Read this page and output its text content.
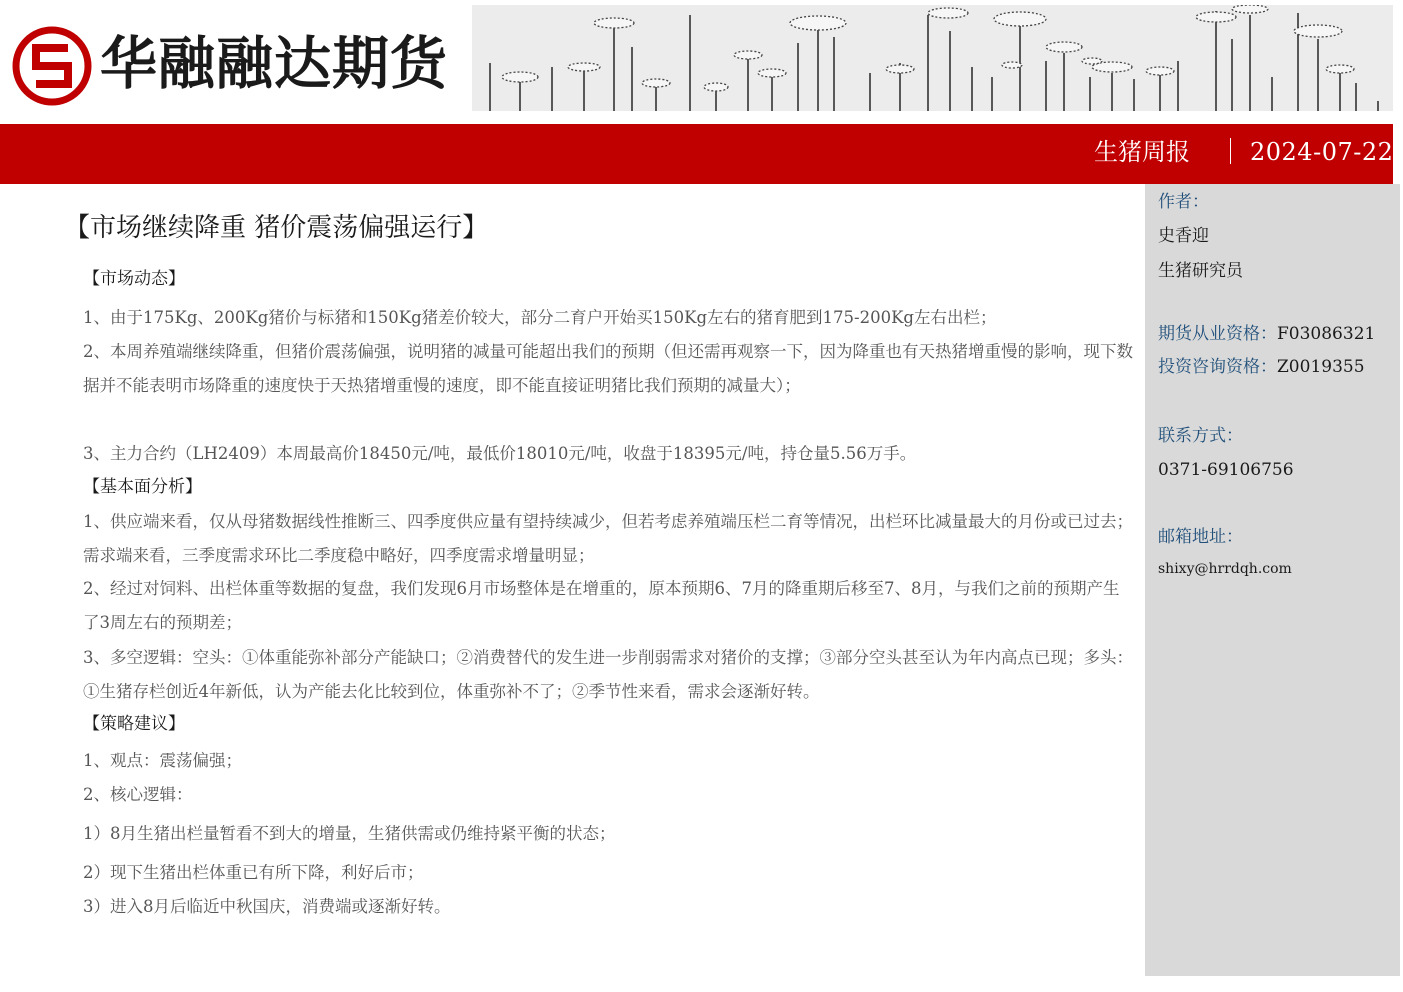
华融融达期货
生猪周报	2024-07-22
作者：
史香迎
生猪研究员
期货从业资格：F03086321
投资咨询资格：Z0019355
联系方式：
0371-69106756
邮箱地址：
shixy@hrrdqh.com
【市场继续降重 猪价震荡偏强运行】
【市场动态】

1、由于175Kg、200Kg猪价与标猪和150Kg猪差价较大，部分二育户开始买150Kg左右的猪育肥到175-200Kg左右出栏；

2、本周养殖端继续降重，但猪价震荡偏强，说明猪的减量可能超出我们的预期（但还需再观察一下，因为降重也有天热猪增重慢的影响，现下数据并不能表明市场降重的速度快于天热猪增重慢的速度，即不能直接证明猪比我们预期的减量大）；

3、主力合约（LH2409）本周最高价18450元/吨，最低价18010元/吨，收盘于18395元/吨，持仓量5.56万手。

【基本面分析】

1、供应端来看，仅从母猪数据线性推断三、四季度供应量有望持续减少，但若考虑养殖端压栏二育等情况，出栏环比减量最大的月份或已过去；需求端来看，三季度需求环比二季度稳中略好，四季度需求增量明显；

2、经过对饲料、出栏体重等数据的复盘，我们发现6月市场整体是在增重的，原本预期6、7月的降重期后移至7、8月，与我们之前的预期产生了3周左右的预期差；

3、多空逻辑：空头：①体重能弥补部分产能缺口；②消费替代的发生进一步削弱需求对猪价的支撑；③部分空头甚至认为年内高点已现；多头：①生猪存栏创近4年新低，认为产能去化比较到位，体重弥补不了；②季节性来看，需求会逐渐好转。

【策略建议】

1、观点：震荡偏强；

2、核心逻辑：

1）8月生猪出栏量暂看不到大的增量，生猪供需或仍维持紧平衡的状态；

2）现下生猪出栏体重已有所下降，利好后市；

3）进入8月后临近中秋国庆，消费端或逐渐好转。
